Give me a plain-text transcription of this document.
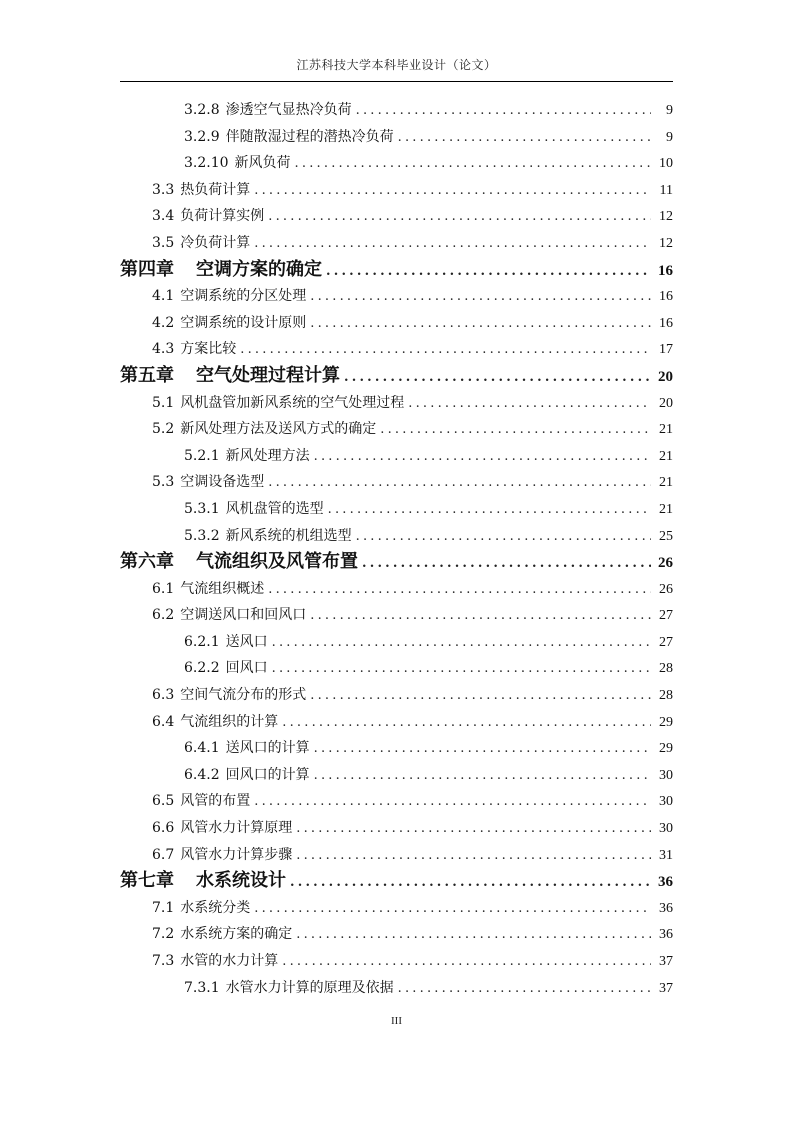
江苏科技大学本科毕业设计（论文）
3.2.8 渗透空气显热冷负荷 .....	9
3.2.9 伴随散湿过程的潜热冷负荷 .....	9
3.2.10 新风负荷 .....	10
3.3 热负荷计算 .....	11
3.4 负荷计算实例 .....	12
3.5 冷负荷计算 .....	12
第四章 空调方案的确定 .....	16
4.1 空调系统的分区处理 .....	16
4.2 空调系统的设计原则 .....	16
4.3 方案比较 .....	17
第五章 空气处理过程计算 .....	20
5.1 风机盘管加新风系统的空气处理过程 .....	20
5.2 新风处理方法及送风方式的确定 .....	21
5.2.1 新风处理方法 .....	21
5.3 空调设备选型 .....	21
5.3.1 风机盘管的选型 .....	21
5.3.2 新风系统的机组选型 .....	25
第六章 气流组织及风管布置 .....	26
6.1 气流组织概述 .....	26
6.2 空调送风口和回风口 .....	27
6.2.1 送风口 .....	27
6.2.2 回风口 .....	28
6.3 空间气流分布的形式 .....	28
6.4 气流组织的计算 .....	29
6.4.1 送风口的计算 .....	29
6.4.2 回风口的计算 .....	30
6.5 风管的布置 .....	30
6.6 风管水力计算原理 .....	30
6.7 风管水力计算步骤 .....	31
第七章 水系统设计 .....	36
7.1 水系统分类 .....	36
7.2 水系统方案的确定 .....	36
7.3 水管的水力计算 .....	37
7.3.1 水管水力计算的原理及依据 .....	37
III
